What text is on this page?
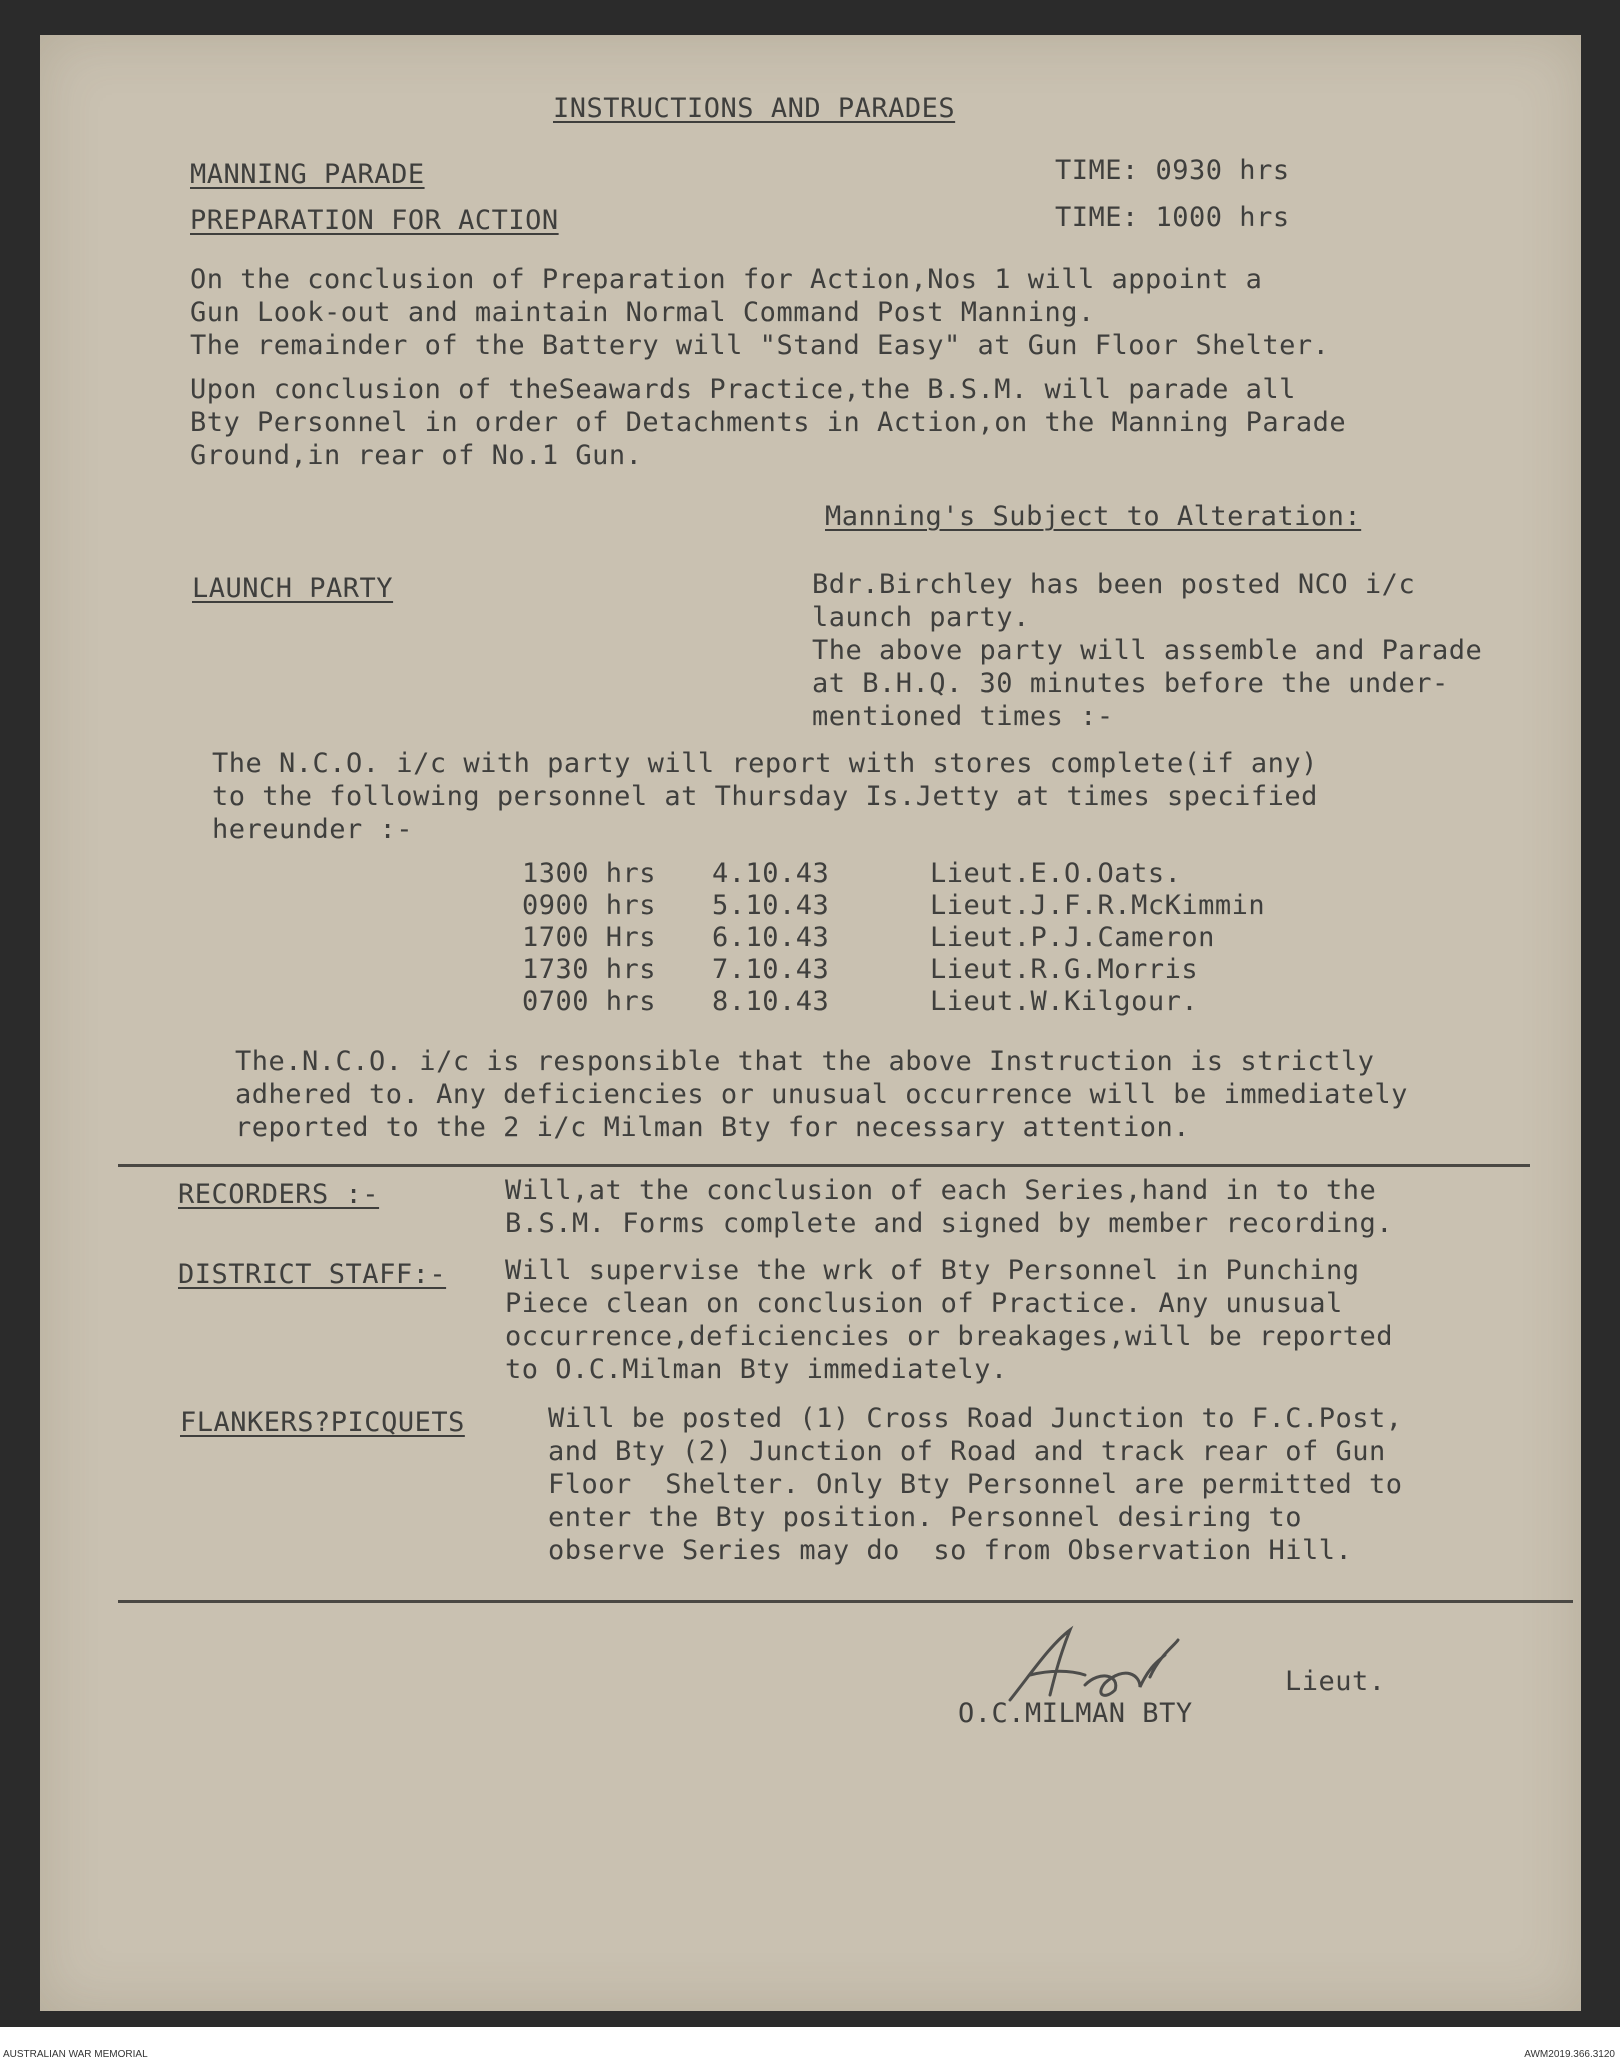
INSTRUCTIONS AND PARADES

MANNING PARADE	TIME: 0930 hrs

PREPARATION FOR ACTION	TIME: 1000 hrs

On the conclusion of Preparation for Action,Nos 1 will appoint a

Gun Look-out and maintain Normal Command Post Manning.

The remainder of the Battery will "Stand Easy" at Gun Floor Shelter.

Upon conclusion of theSeawards Practice,the B.S.M. will parade all

Bty Personnel in order of Detachments in Action,on the Manning Parade

Ground,in rear of No.1 Gun.

Manning's Subject to Alteration:

LAUNCH PARTY	Bdr.Birchley has been posted NCO i/c

launch party.

The above party will assemble and Parade

at B.H.Q. 30 minutes before the under-

mentioned times :-

The N.C.O. i/c with party will report with stores complete(if any)

to the following personnel at Thursday Is.Jetty at times specified

hereunder :-

1300 hrs 4.10.43	Lieut.E.O.Oats.

0900 hrs 5.10.43	Lieut.J.F.R.McKimmin

1700 Hrs 6.10.43	Lieut.P.J.Cameron

1730 hrs 7.10.43	Lieut.R.G.Morris

0700 hrs 8.10.43	Lieut.W.Kilgour.

The.N.C.O. i/c is responsible that the above Instruction is strictly

adhered to. Any deficiencies or unusual occurrence will be immediately

reported to the 2 i/c Milman Bty for necessary attention.

RECORDERS :-	Will,at the conclusion of each Series,hand in to the

B.S.M. Forms complete and signed by member recording.

DISTRICT STAFF:- Will supervise the wrk of Bty Personnel in Punching

Piece clean on conclusion of Practice. Any unusual

occurrence,deficiencies or breakages,will be reported

to O.C.Milman Bty immediately.

FLANKERS?PICQUETS	Will be posted (1) Cross Road Junction to F.C.Post,

and Bty (2) Junction of Road and track rear of Gun

Floor  Shelter. Only Bty Personnel are permitted to

enter the Bty position. Personnel desiring to

observe Series may do  so from Observation Hill.

Lieut.

O.C.MILMAN BTY

AUSTRALIAN WAR MEMORIAL	AWM2019.366.3120
